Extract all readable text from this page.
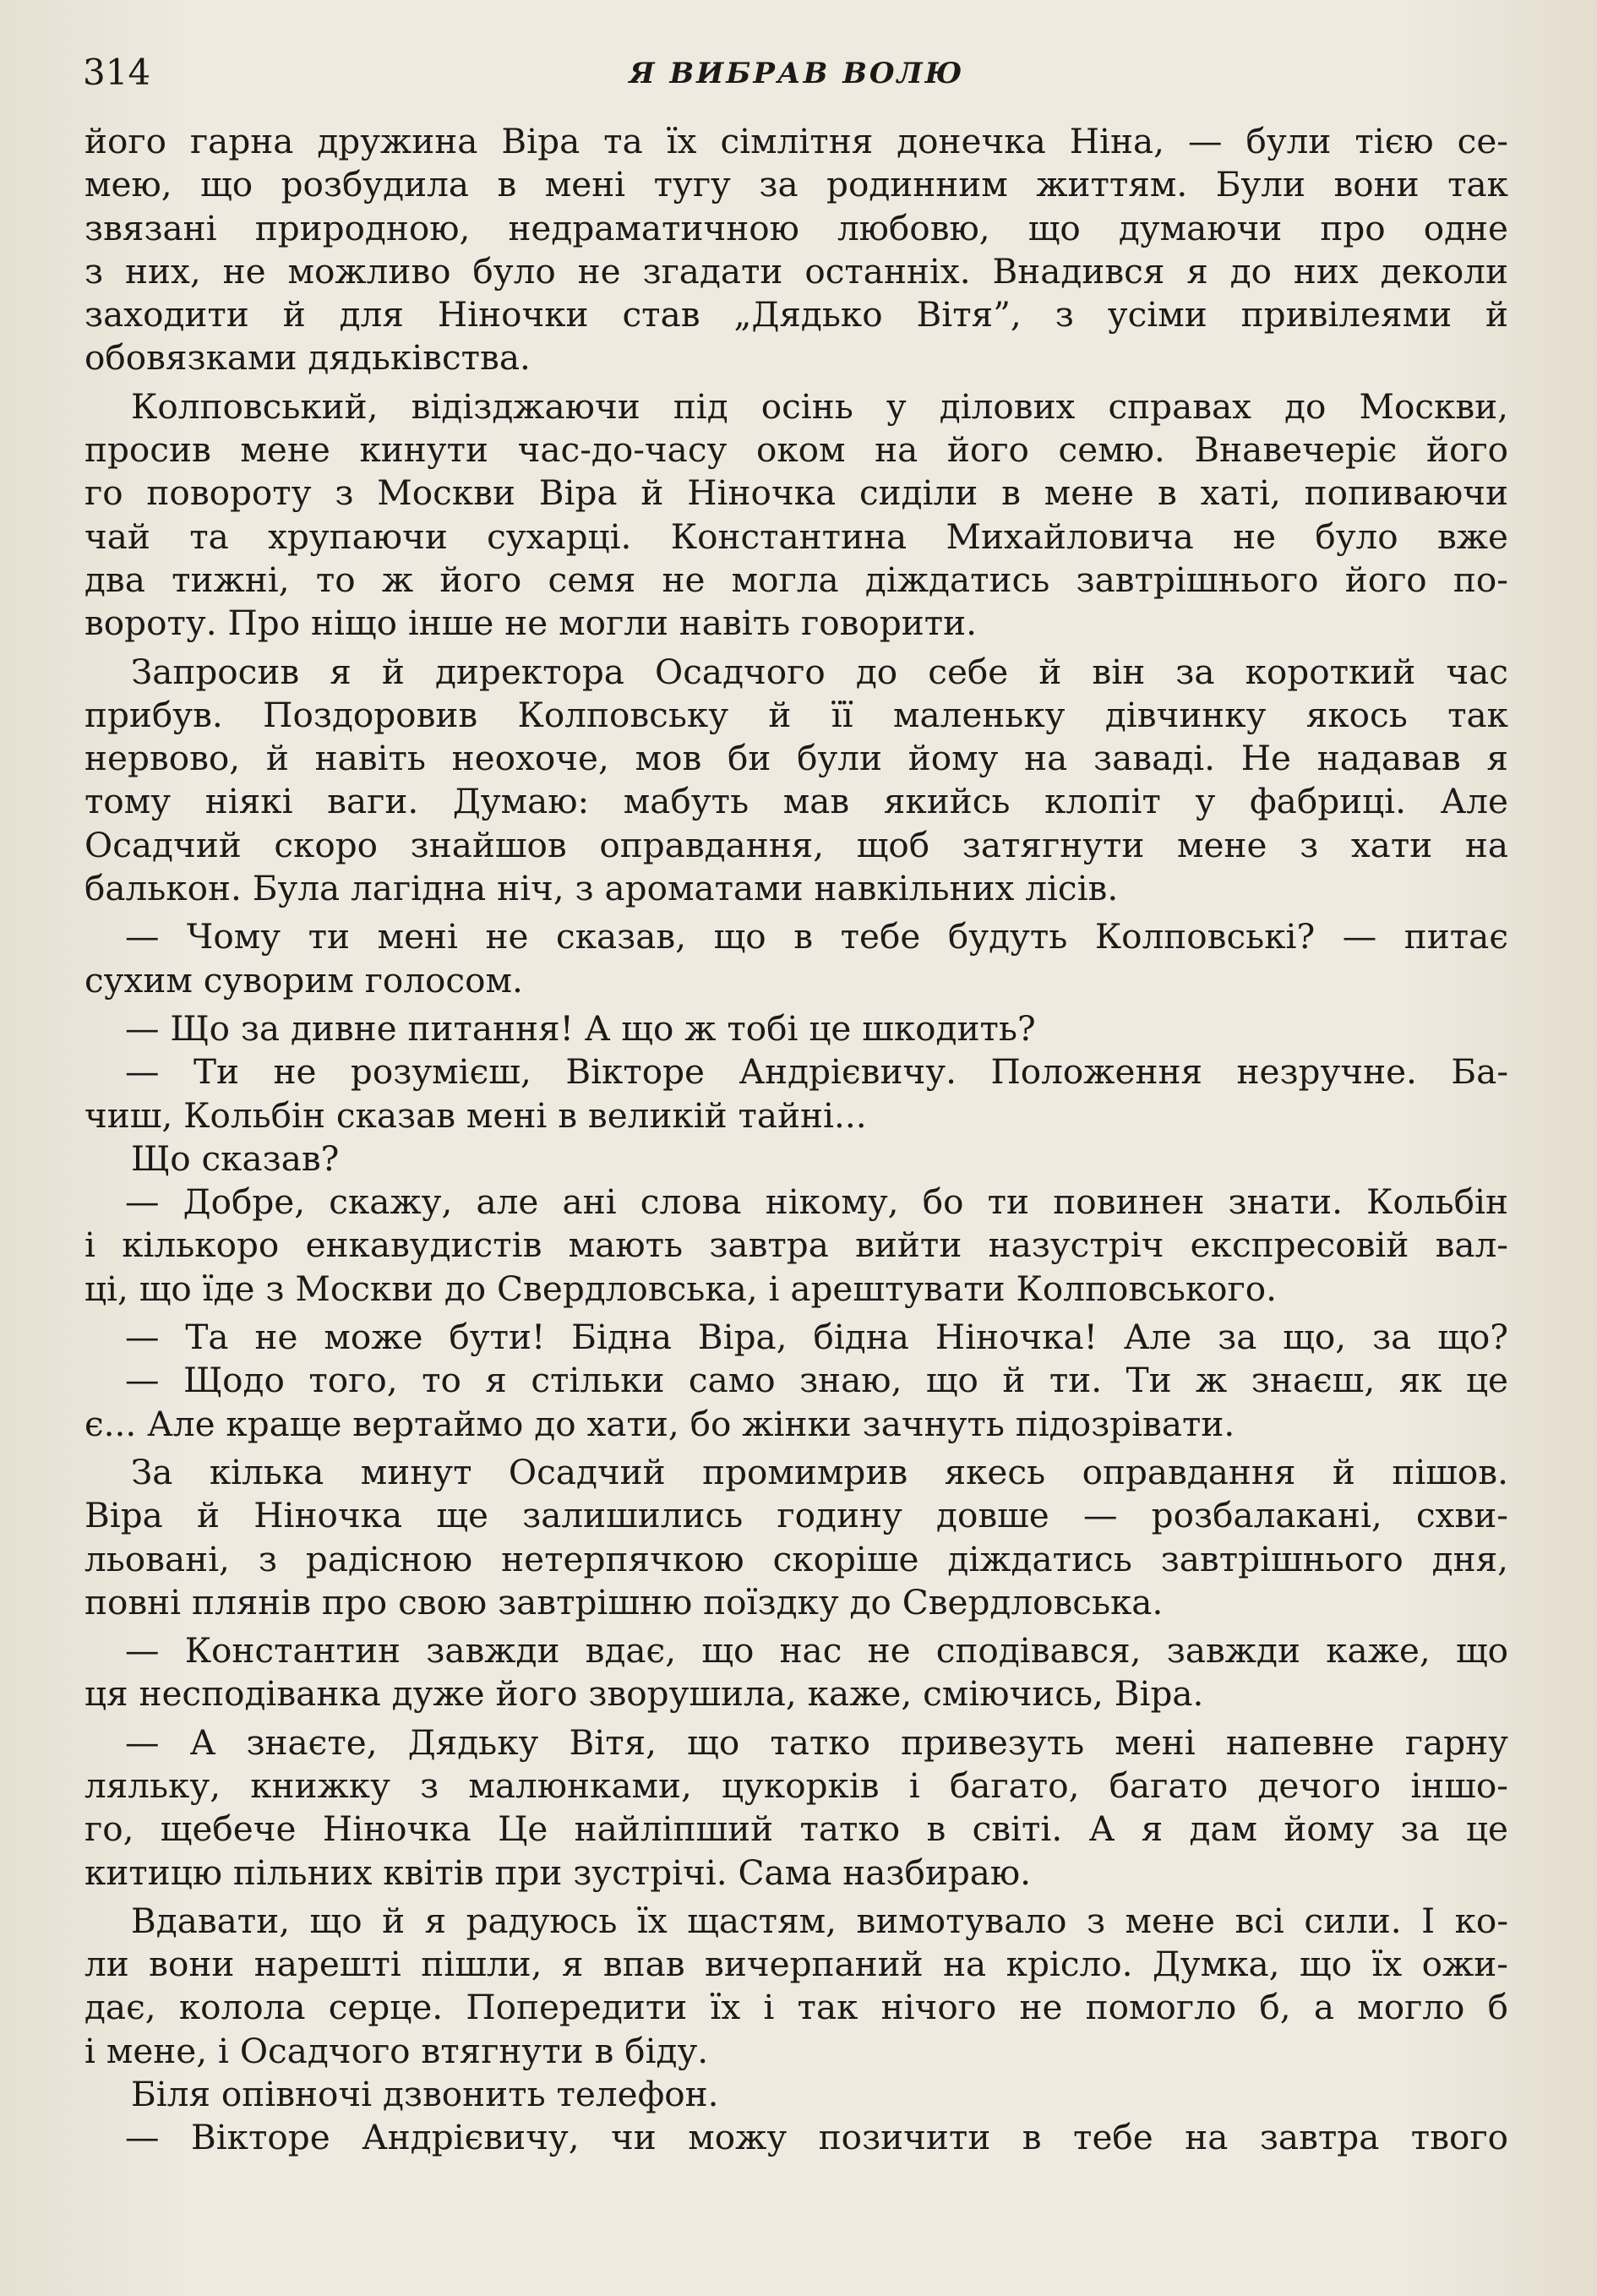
314	Я ВИБРАВ ВОЛЮ
його гарна дружина Віра та їх сімлітня донечка Ніна, — були тією се-
мею, що розбудила в мені тугу за родинним життям. Були вони так
звязані природною, недраматичною любовю, що думаючи про одне
з них, не можливо було не згадати останніх. Внадився я до них деколи
заходити й для Ніночки став „Дядько Вітя”, з усіми привілеями й
обовязками дядьківства.
Колповський, відізджаючи під осінь у ділових справах до Москви,
просив мене кинути час-до-часу оком на його семю. Внавечеріє його
го повороту з Москви Віра й Ніночка сиділи в мене в хаті, попиваючи
чай та хрупаючи сухарці. Константина Михайловича не було вже
два тижні, то ж його семя не могла діждатись завтрішнього його по-
вороту. Про ніщо інше не могли навіть говорити.
Запросив я й директора Осадчого до себе й він за короткий час
прибув. Поздоровив Колповську й її маленьку дівчинку якось так
нервово, й навіть неохоче, мов би були йому на заваді. Не надавав я
тому ніякі ваги. Думаю: мабуть мав якийсь клопіт у фабриці. Але
Осадчий скоро знайшов оправдання, щоб затягнути мене з хати на
балькон. Була лагідна ніч, з ароматами навкільних лісів.
— Чому ти мені не сказав, що в тебе будуть Колповські? — питає
сухим суворим голосом.
— Що за дивне питання! А що ж тобі це шкодить?
— Ти не розумієш, Вікторе Андрієвичу. Положення незручне. Ба-
чиш, Кольбін сказав мені в великій тайні...
Що сказав?
— Добре, скажу, але ані слова нікому, бо ти повинен знати. Кольбін
і кількоро енкавудистів мають завтра вийти назустріч експресовій вал-
ці, що їде з Москви до Свердловська, і арештувати Колповського.
— Та не може бути! Бідна Віра, бідна Ніночка! Але за що, за що?
— Щодо того, то я стільки само знаю, що й ти. Ти ж знаєш, як це
є... Але краще вертаймо до хати, бо жінки зачнуть підозрівати.
За кілька минут Осадчий промимрив якесь оправдання й пішов.
Віра й Ніночка ще залишились годину довше — розбалакані, схви-
льовані, з радісною нетерпячкою скоріше діждатись завтрішнього дня,
повні плянів про свою завтрішню поїздку до Свердловська.
— Константин завжди вдає, що нас не сподівався, завжди каже, що
ця несподіванка дуже його зворушила, каже, сміючись, Віра.
— А знаєте, Дядьку Вітя, що татко привезуть мені напевне гарну
ляльку, книжку з малюнками, цукорків і багато, багато дечого іншо-
го, щебече Ніночка Це найліпший татко в світі. А я дам йому за це
китицю пільних квітів при зустрічі. Сама назбираю.
Вдавати, що й я радуюсь їх щастям, вимотувало з мене всі сили. І ко-
ли вони нарешті пішли, я впав вичерпаний на крісло. Думка, що їх ожи-
дає, колола серце. Попередити їх і так нічого не помогло б, а могло б
і мене, і Осадчого втягнути в біду.
Біля опівночі дзвонить телефон.
— Вікторе Андрієвичу, чи можу позичити в тебе на завтра твого
